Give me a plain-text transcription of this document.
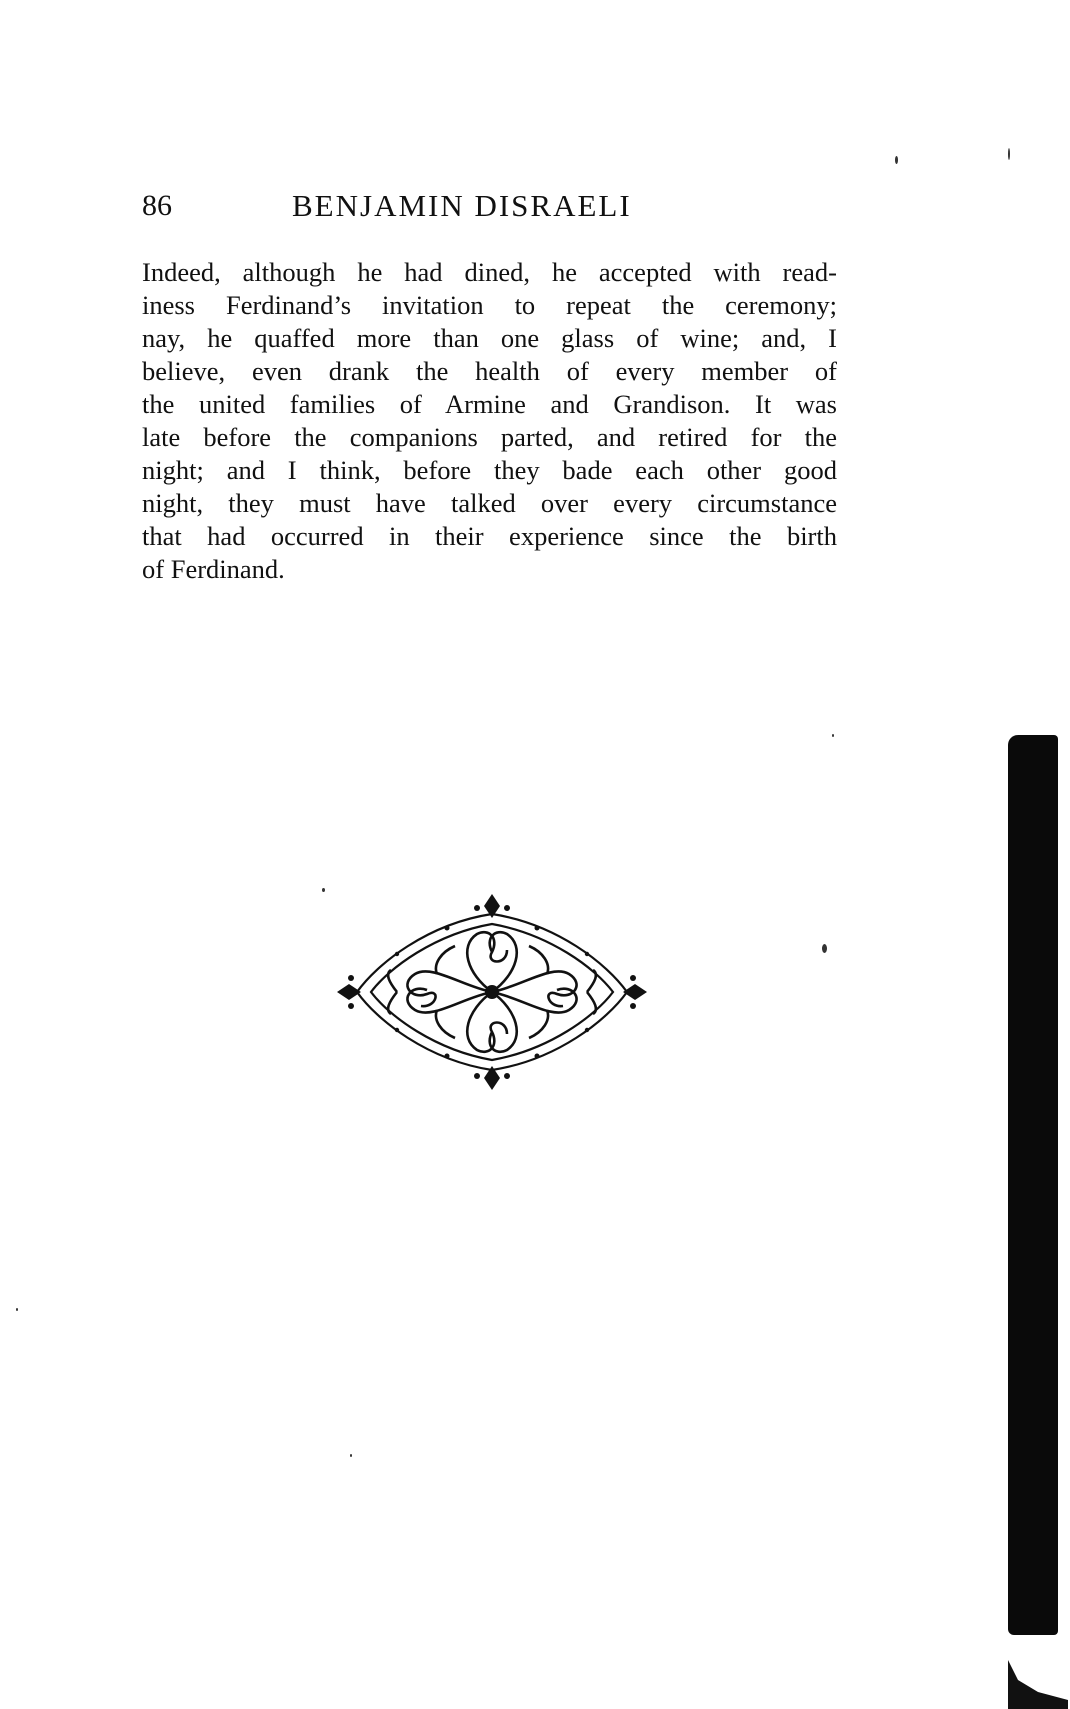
86	BENJAMIN DISRAELI
Indeed, although he had dined, he accepted with read-
iness Ferdinand’s invitation to repeat the ceremony;
nay, he quaffed more than one glass of wine; and, I
believe, even drank the health of every member of
the united families of Armine and Grandison. It was
late before the companions parted, and retired for the
night; and I think, before they bade each other good
night, they must have talked over every circumstance
that had occurred in their experience since the birth
of Ferdinand.
